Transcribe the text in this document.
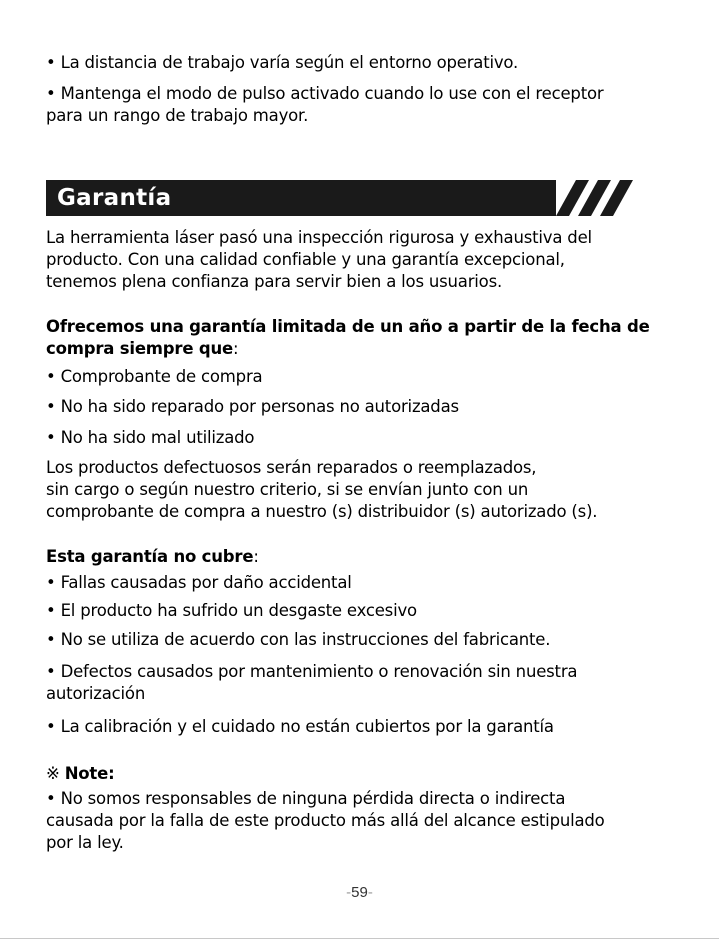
• La distancia de trabajo varía según el entorno operativo.
• Mantenga el modo de pulso activado cuando lo use con el receptor
para un rango de trabajo mayor.
Garantía
La herramienta láser pasó una inspección rigurosa y exhaustiva del
producto. Con una calidad confiable y una garantía excepcional,
tenemos plena confianza para servir bien a los usuarios.
Ofrecemos una garantía limitada de un año a partir de la fecha de
compra siempre que:
• Comprobante de compra
• No ha sido reparado por personas no autorizadas
• No ha sido mal utilizado
Los productos defectuosos serán reparados o reemplazados,
sin cargo o según nuestro criterio, si se envían junto con un
comprobante de compra a nuestro (s) distribuidor (s) autorizado (s).
Esta garantía no cubre:
• Fallas causadas por daño accidental
• El producto ha sufrido un desgaste excesivo
• No se utiliza de acuerdo con las instrucciones del fabricante.
• Defectos causados por mantenimiento o renovación sin nuestra
autorización
• La calibración y el cuidado no están cubiertos por la garantía
※ Note:
• No somos responsables de ninguna pérdida directa o indirecta
causada por la falla de este producto más allá del alcance estipulado
por la ley.
-59-
